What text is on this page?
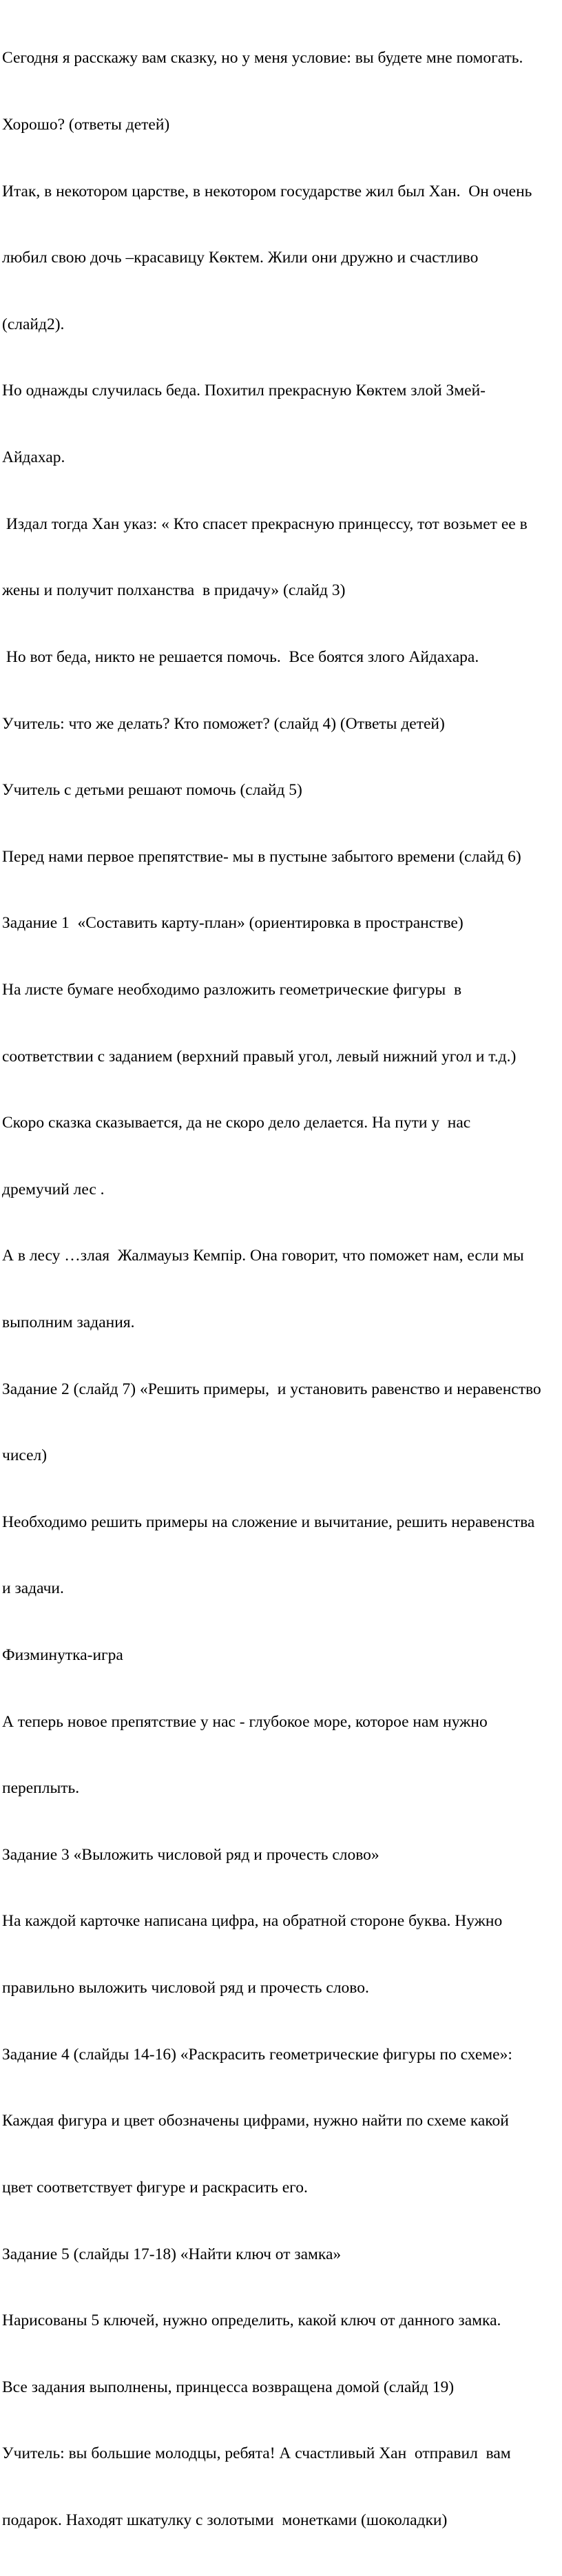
Сегодня я расскажу вам сказку, но у меня условие: вы будете мне помогать.

Хорошо? (ответы детей)

Итак, в некотором царстве, в некотором государстве жил был Хан.  Он очень

любил свою дочь –красавицу Көктем. Жили они дружно и счастливо

(слайд2).

Но однажды случилась беда. Похитил прекрасную Көктем злой Змей-

Айдахар.

Издал тогда Хан указ: « Кто спасет прекрасную принцессу, тот возьмет ее в

жены и получит полханства  в придачу» (слайд 3)

Но вот беда, никто не решается помочь.  Все боятся злого Айдахара.

Учитель: что же делать? Кто поможет? (слайд 4) (Ответы детей)

Учитель с детьми решают помочь (слайд 5)

Перед нами первое препятствие- мы в пустыне забытого времени (слайд 6)

Задание 1  «Составить карту-план» (ориентировка в пространстве)

На листе бумаге необходимо разложить геометрические фигуры  в

соответствии с заданием (верхний правый угол, левый нижний угол и т.д.)

Скоро сказка сказывается, да не скоро дело делается. На пути у  нас

дремучий лес .

А в лесу …злая  Жалмауыз Кемпір. Она говорит, что поможет нам, если мы

выполним задания.

Задание 2 (слайд 7) «Решить примеры,  и установить равенство и неравенство

чисел)

Необходимо решить примеры на сложение и вычитание, решить неравенства

и задачи.

Физминутка-игра

А теперь новое препятствие у нас - глубокое море, которое нам нужно

переплыть.

Задание 3 «Выложить числовой ряд и прочесть слово»

На каждой карточке написана цифра, на обратной стороне буква. Нужно

правильно выложить числовой ряд и прочесть слово.

Задание 4 (слайды 14-16) «Раскрасить геометрические фигуры по схеме»:

Каждая фигура и цвет обозначены цифрами, нужно найти по схеме какой

цвет соответствует фигуре и раскрасить его.

Задание 5 (слайды 17-18) «Найти ключ от замка»

Нарисованы 5 ключей, нужно определить, какой ключ от данного замка.

Все задания выполнены, принцесса возвращена домой (слайд 19)

Учитель: вы большие молодцы, ребята! А счастливый Хан  отправил  вам

подарок. Находят шкатулку с золотыми  монетками (шоколадки)
